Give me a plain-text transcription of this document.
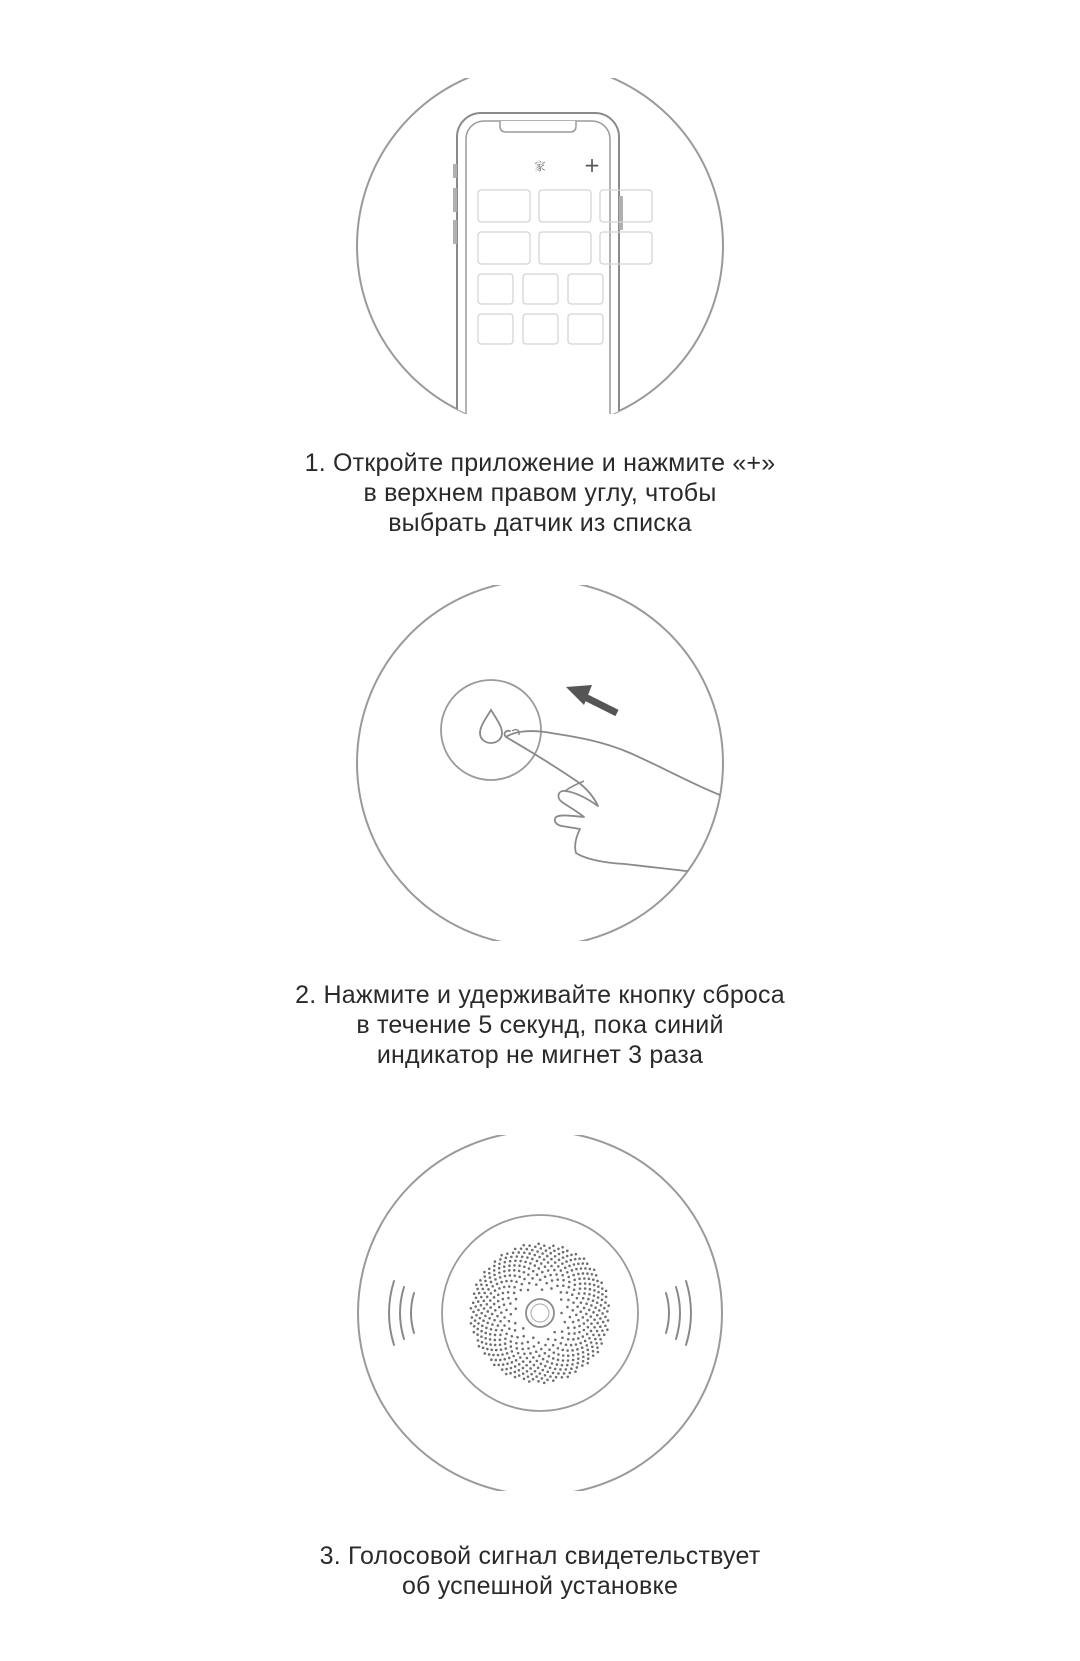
家 +
1. Откройте приложение и нажмите «+»
в верхнем правом углу, чтобы
выбрать датчик из списка
2. Нажмите и удерживайте кнопку сброса
в течение 5 секунд, пока синий
индикатор не мигнет 3 раза
3. Голосовой сигнал свидетельствует
об успешной установке
